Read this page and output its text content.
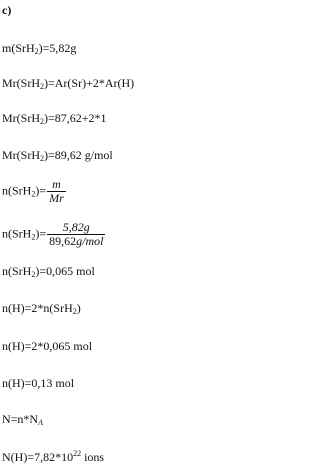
c)
m(SrH$_2$)=5,82g
Mr(SrH$_2$)=Ar(Sr)+2*Ar(H)
Mr(SrH$_2$)=87,62+2*1
Mr(SrH$_2$)=89,62 g/mol
$n(SrH_2)= \frac{m}{Mr}$
$n(SrH_2)= \frac{5,82g}{\text{89,62g/mol}}$
n(SrH$_2$)=0,065 mol
n(H)=2*n(SrH$_2$)
n(H)=2*0,065 mol
n(H)=0,13 mol
$N=n*N_A$
$N(H)=7,82*10^{22}$ ions
